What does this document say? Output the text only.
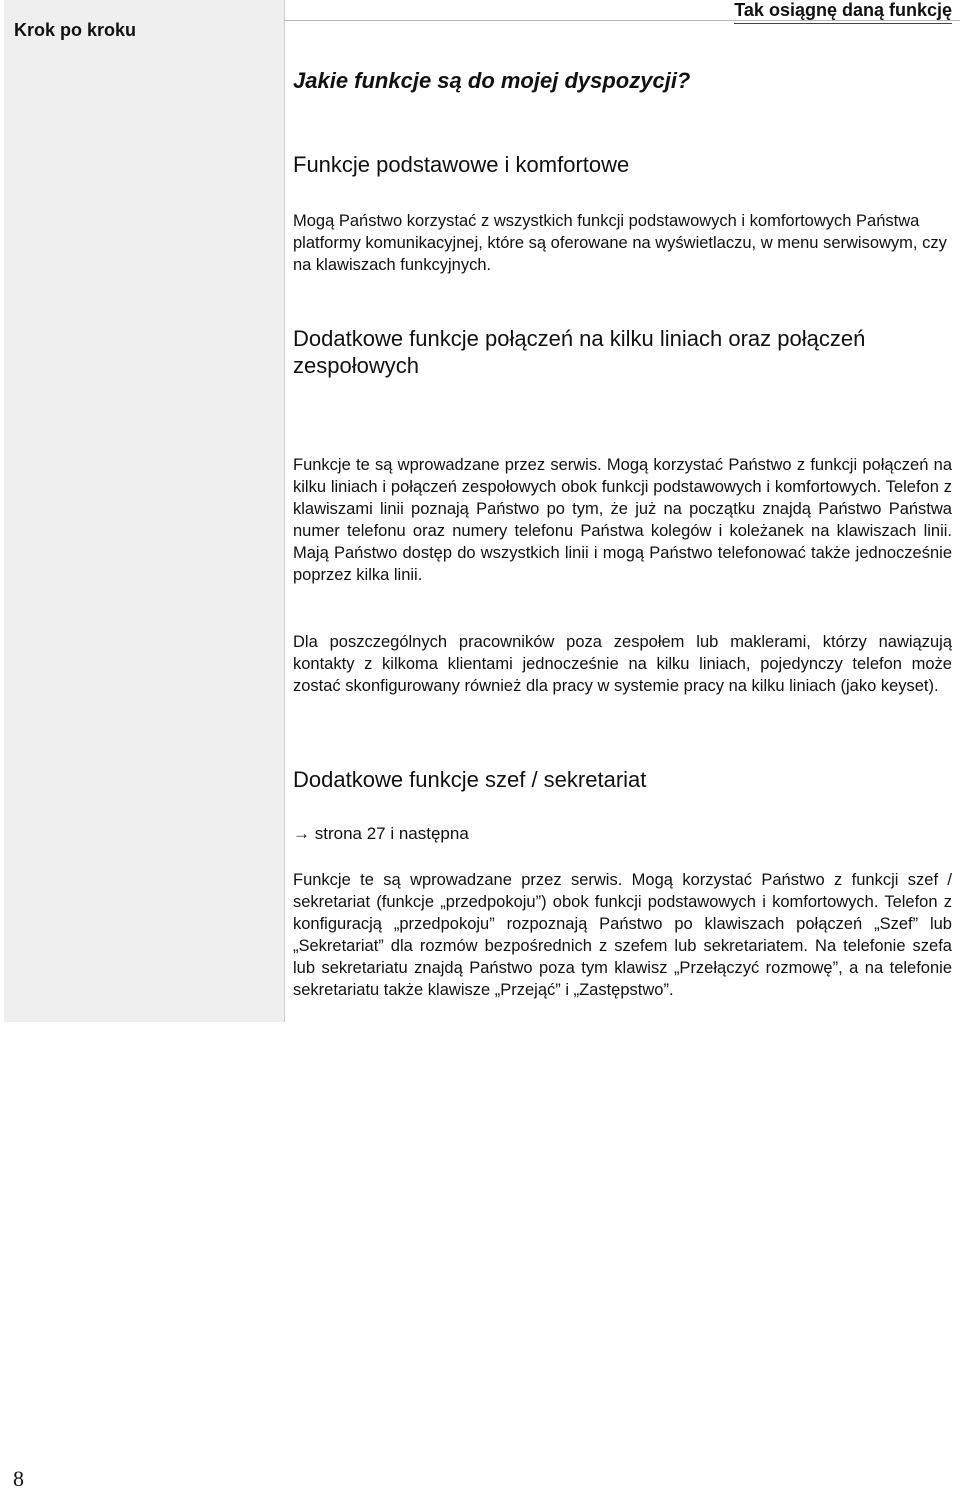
Krok po kroku
Tak osiągnę daną funkcję
Jakie funkcje są do mojej dyspozycji?
Funkcje podstawowe i komfortowe

Mogą Państwo korzystać z wszystkich funkcji podstawowych i komfortowych Państwa platformy komunikacyjnej, które są oferowane na wyświetlaczu, w menu serwisowym, czy na klawiszach funkcyjnych.

Dodatkowe funkcje połączeń na kilku liniach oraz połączeń zespołowych

Funkcje te są wprowadzane przez serwis. Mogą korzystać Państwo z funkcji połączeń na kilku liniach i połączeń zespołowych obok funkcji podstawowych i komfortowych. Telefon z klawiszami linii poznają Państwo po tym, że już na początku znajdą Państwo Państwa numer telefonu oraz numery telefonu Państwa kolegów i koleżanek na klawiszach linii. Mają Państwo dostęp do wszystkich linii i mogą Państwo telefonować także jednocześnie poprzez kilka linii.

Dla poszczególnych pracowników poza zespołem lub maklerami, którzy nawiązują kontakty z kilkoma klientami jednocześnie na kilku liniach, pojedynczy telefon może zostać skonfigurowany również dla pracy w systemie pracy na kilku liniach (jako keyset).

Dodatkowe funkcje szef / sekretariat
→ strona 27 i następna

Funkcje te są wprowadzane przez serwis. Mogą korzystać Państwo z funkcji szef / sekretariat (funkcje „przedpokoju”) obok funkcji podstawowych i komfortowych. Telefon z konfiguracją „przedpokoju” rozpoznają Państwo po klawiszach połączeń „Szef” lub „Sekretariat” dla rozmów bezpośrednich z szefem lub sekretariatem. Na telefonie szefa lub sekretariatu znajdą Państwo poza tym klawisz „Przełączyć rozmowę”, a na telefonie sekretariatu także klawisze „Przejąć” i „Zastępstwo”.

8
